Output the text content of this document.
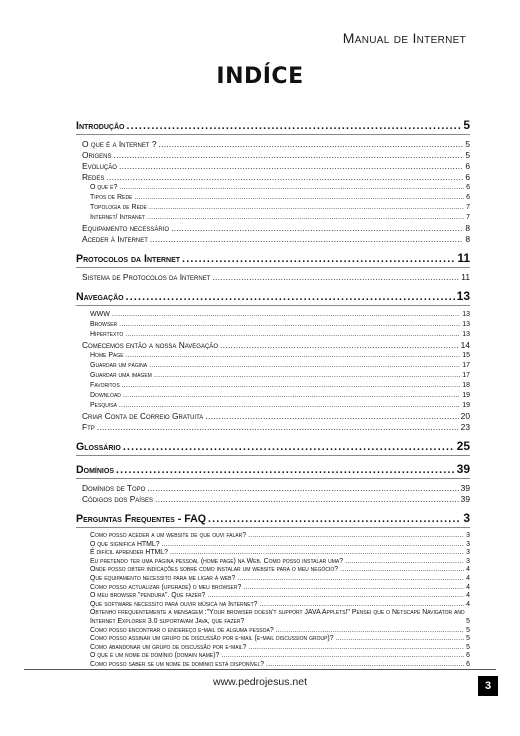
Manual de Internet
INDÍCE
Introdução .....	5
O que é a Internet ? .....	5
Origens .....	5
Evolução .....	6
Redes .....	6
O que é? .....	6
Tipos de Rede .....	6
Topologia de Rede .....	7
Internet/ Intranet .....	7
Equipamento necessário .....	8
Aceder à Internet .....	8
Protocolos da Internet .....	11
Sistema de Protocolos da Internet .....	11
Navegação .....	13
WWW .....	13
Browser .....	13
Hipertexto .....	13
Comecemos então a nossa Navegação .....	14
Home Page .....	15
Guardar um página .....	17
Guardar uma imagem .....	17
Favoritos .....	18
Download .....	19
Pesquisa .....	19
Criar Conta de Correio Gratuita .....	20
Ftp .....	23
Glossário .....	25
Domínios .....	39
Domínios de Topo .....	39
Códigos dos Países .....	39
Perguntas Frequentes - FAQ .....	3
Como posso aceder a um website de que ouvi falar? .....	3
O que significa HTML? .....	3
É difícil aprender HTML? .....	3
Eu pretendo ter uma página pessoal (home page) na Web. Como posso instalar uma? .....	3
Onde posso obter indicações sobre como instalar um website para o meu negócio? .....	4
Que equipamento necessito para me ligar à web? .....	4
Como posso actualizar (upgrade) o meu browser? .....	4
O meu browser "pendura". Que fazer? .....	4
Que software necessito para ouvir música na Internet? .....	4
Obtenho frequentemente a mensagem :"Your browser doesn't support JAVA Applets!" Pensei que o Netscape Navigator and Internet Explorer 3.0 suportavam Java, que fazer?	5
Como posso encontrar o endereço e-mail de alguma pessoa? .....	5
Como posso assinar um grupo de discussão por e-mail (e-mail discussion group)? .....	5
Como abandonar um grupo de discussão por e-mail? .....	5
O que é um nome de domínio (domain name)? .....	6
Como posso saber se um nome de domínio está disponível? .....	6
www.pedrojesus.net	3
